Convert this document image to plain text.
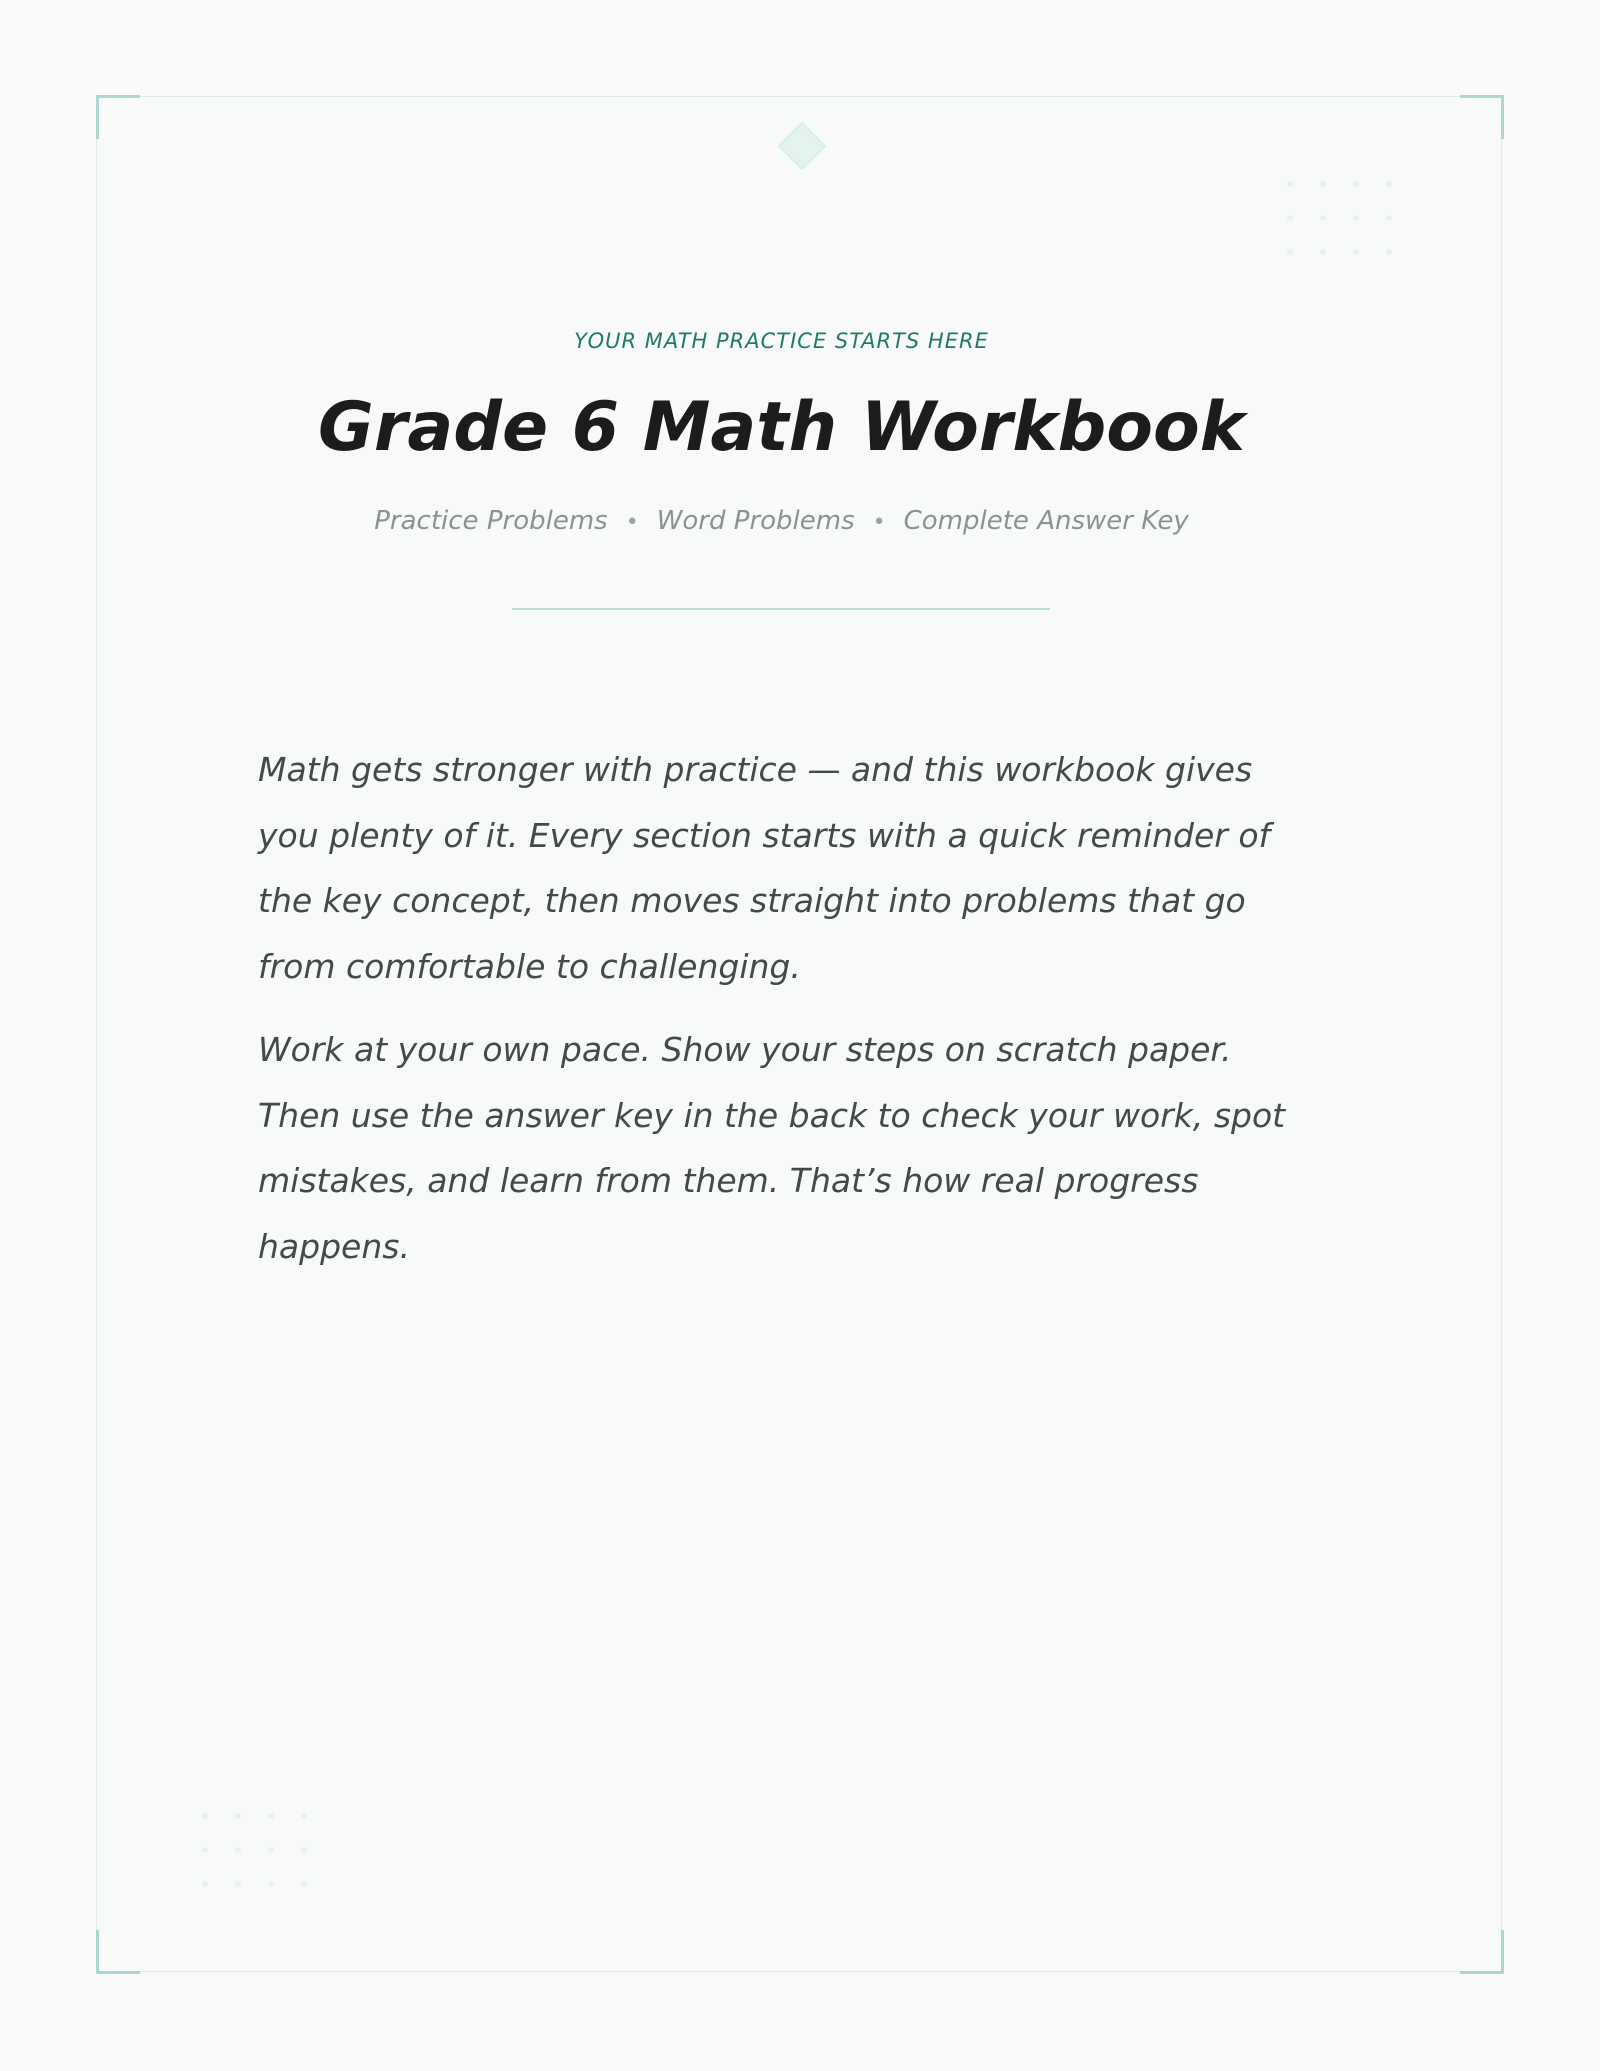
YOUR MATH PRACTICE STARTS HERE

Grade 6 Math Workbook

Practice Problems • Word Problems • Complete Answer Key

Math gets stronger with practice — and this workbook gives you plenty of it. Every section starts with a quick reminder of the key concept, then moves straight into problems that go from comfortable to challenging.

Work at your own pace. Show your steps on scratch paper. Then use the answer key in the back to check your work, spot mistakes, and learn from them. That’s how real progress happens.
